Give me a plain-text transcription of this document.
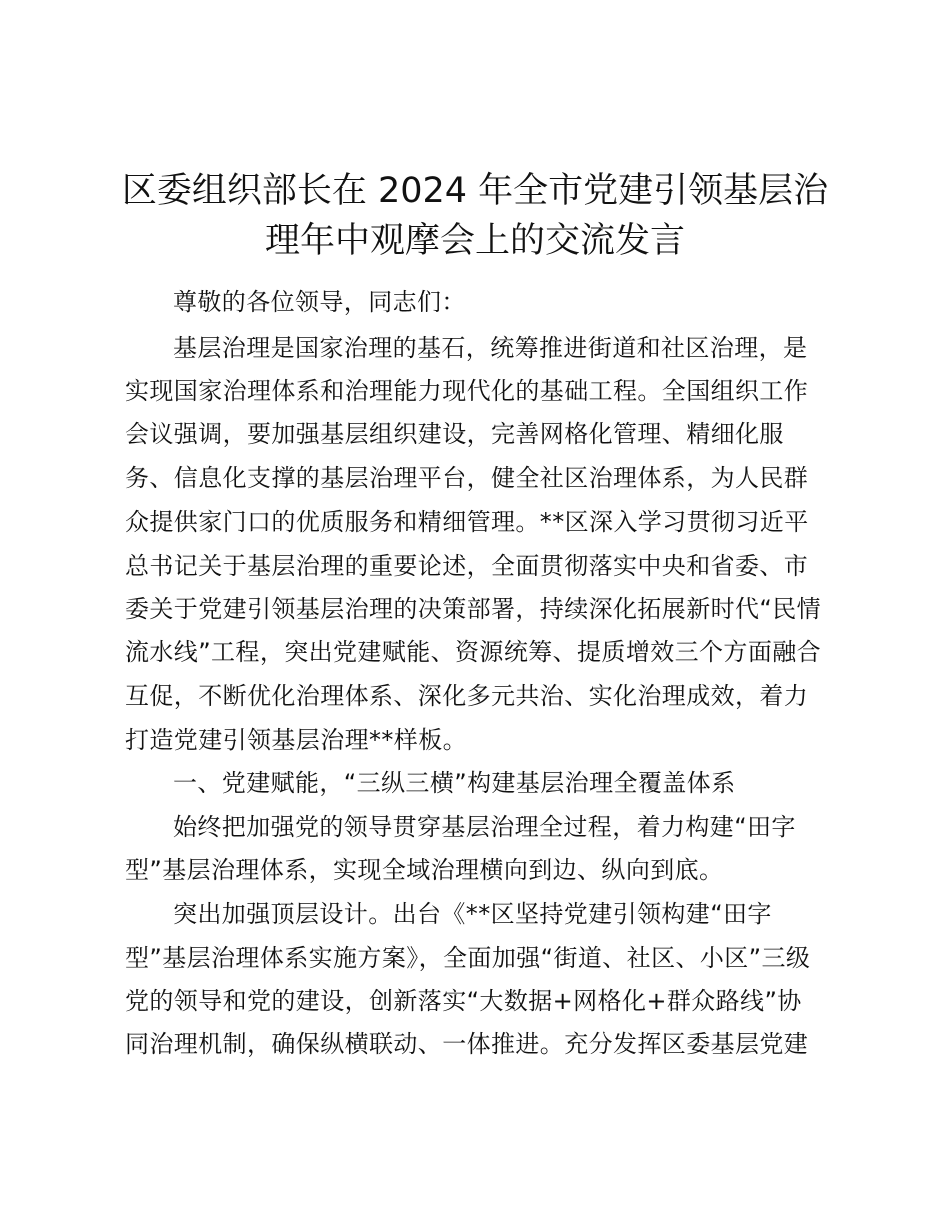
区委组织部长在 2024 年全市党建引领基层治
理年中观摩会上的交流发言
尊敬的各位领导，同志们：
基层治理是国家治理的基石，统筹推进街道和社区治理，是
实现国家治理体系和治理能力现代化的基础工程。全国组织工作
会议强调，要加强基层组织建设，完善网格化管理、精细化服
务、信息化支撑的基层治理平台，健全社区治理体系，为人民群
众提供家门口的优质服务和精细管理。**区深入学习贯彻习近平
总书记关于基层治理的重要论述，全面贯彻落实中央和省委、市
委关于党建引领基层治理的决策部署，持续深化拓展新时代“民情
流水线”工程，突出党建赋能、资源统筹、提质增效三个方面融合
互促，不断优化治理体系、深化多元共治、实化治理成效，着力
打造党建引领基层治理**样板。
一、党建赋能，“三纵三横”构建基层治理全覆盖体系
始终把加强党的领导贯穿基层治理全过程，着力构建“田字
型”基层治理体系，实现全域治理横向到边、纵向到底。
突出加强顶层设计。出台《**区坚持党建引领构建“田字
型”基层治理体系实施方案》，全面加强“街道、社区、小区”三级
党的领导和党的建设，创新落实“大数据+网格化+群众路线”协
同治理机制，确保纵横联动、一体推进。充分发挥区委基层党建
